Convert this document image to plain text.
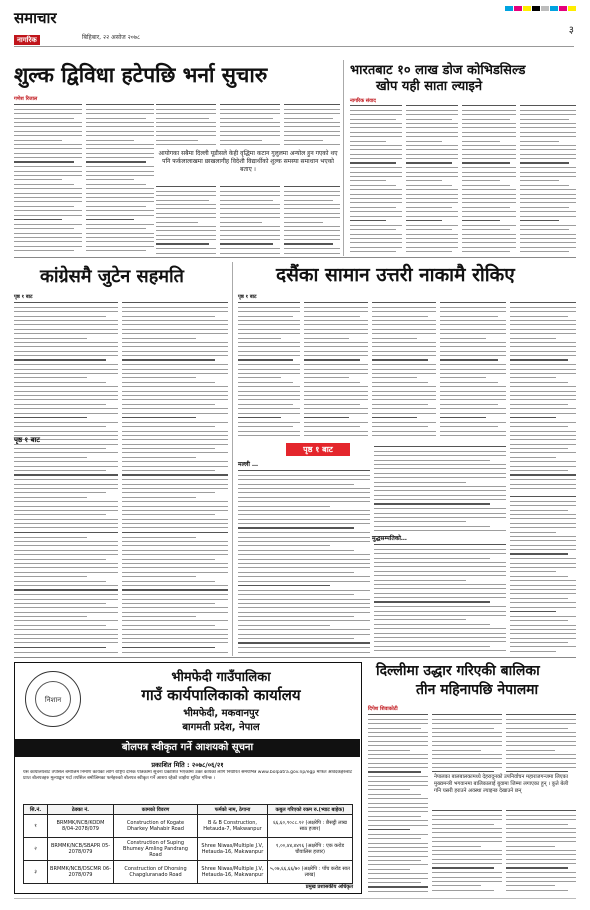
समाचार
नागरिक	बिहिबार, २२ असोज २०७८
३
शुल्क द्विविधा हटेपछि भर्ना सुचारु
गणेश रिजाल
आयोगका सबैमा दिल्ली यूडीसले केही वृद्धिमा कटान गुलुलमा अन्योल हुन गएको थए पनि फर्कलालाखमा छाखलागीह विदेशी विद्यार्थीको शुल्क समस्या समाधान भएको बताए ।
भारतबाट १० लाख डोज कोभिडसिल्ड
खोप यही साता ल्याइने
नागरिक संवाद
कांग्रेसमै जुटेन सहमति
पृष्ठ १ बाट
पृष्ठ १ बाट
दसैंका सामान उत्तरी नाकामै रोकिए
पृष्ठ १ बाट
पृष्ठ १ बाट
मल्ली …
मुद्धसम्पतिको…
निशान
भीमफेदी गाउँपालिका
गाउँ कार्यपालिकाको कार्यालय
भीमफेदी, मकवानपुर
बागमती प्रदेश, नेपाल
बोलपत्र स्वीकृत गर्ने आशयको सूचना
प्रकाशित मिति : २०७८/०६/२१
यस कार्यालयबाट तपसिल बमोजिम निर्माण कार्यको लागि राष्ट्रिय दैनिक पत्रिकामा सूचना प्रकाशित भएकोमा उक्त कार्यको लागि निर्धारित समयभित्र www.bolpatra.gov.np/egp मार्फत आवेदकहरुबाट प्राप्त बोलपत्रहरु मूल्याङ्कन गर्दा तपसिल बमोजिमका फर्महरुको बोलपत्र स्वीकृत गर्ने आशय रहेको व्यहोरा सूचित गरिन्छ ।
सि.नं.	ठेक्का नं.	कामको विवरण	फर्मको नाम, ठेगाना	कबुल गरिएको रकम रु.(भ्याट बाहेक)
१	BRMMK/NCB/KODM 8/04-2078/079	Construction of Kogate Dharkey Mahabir Road	B & B Construction, Hetauda-7, Makwanpur	६६,६०,९०८८.१२ (अक्षरेपि : छैसट्ठी लाख साठ हजार)
२	BRMMK/NCB/SBAPR 05-2078/079	Construction of Suping Bhumey Amling Pandrang Road	Shree Niwas/Multiple J.V, Hetauda-16, Makwanpur	१,००,४४,४४१६ (अक्षरेपि : एक करोड चौवालिस हजार)
३	BRMMK/NCB/DSCMR 06-2078/079	Construction of Dhorsing Chapgluranado Road	Shree Niwas/Multiple J.V, Hetauda-16, Makwanpur	५,०७,६६,६६/७० (अक्षरेपि : पाँच करोड सात लाख)
प्रमुख प्रशासकीय अधिकृत
दिल्लीमा उद्धार गरिएकी बालिका
तीन महिनापछि नेपालमा
दिपेश शिवाकोटी
नेपालका बालबालकामध्ये देहरादूनको उपनिर्वाचन महाराजगन्जमा लिएका मुख्यमन्त्री भगवानमा बालिकालाई बुवामा जिम्मा लगाएका हुन् । कुते बेली गनि यसरी हराउने अवस्था ल्याइन्छ देखाउने छन्
